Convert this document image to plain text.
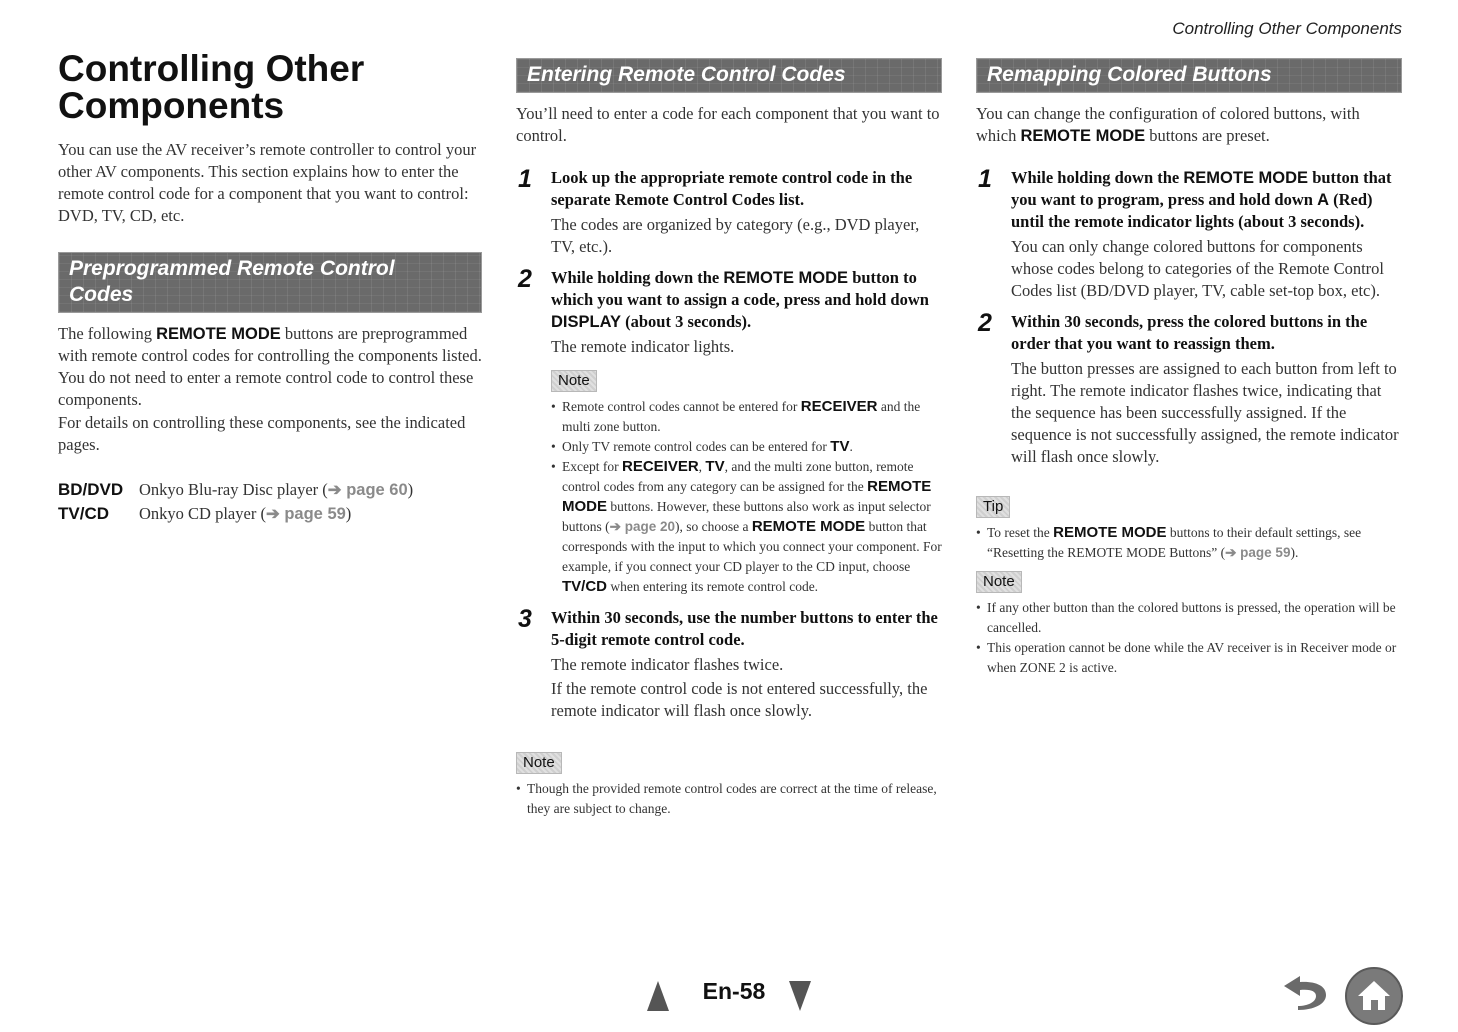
Controlling Other Components
Controlling Other
Components

You can use the AV receiver’s remote controller to control your other AV components. This section explains how to enter the remote control code for a component that you want to control: DVD, TV, CD, etc.

Preprogrammed Remote Control
Codes

The following REMOTE MODE buttons are preprogrammed with remote control codes for controlling the components listed. You do not need to enter a remote control code to control these components.

For details on controlling these components, see the indicated pages.

BD/DVD Onkyo Blu-ray Disc player (➔ page 60)
TV/CD	Onkyo CD player (➔ page 59)
Entering Remote Control Codes

You’ll need to enter a code for each component that you want to control.

1 Look up the appropriate remote control code in the separate Remote Control Codes list.

The codes are organized by category (e.g., DVD player, TV, etc.).

2 While holding down the REMOTE MODE button to which you want to assign a code, press and hold down DISPLAY (about 3 seconds).

The remote indicator lights.

Note
• Remote control codes cannot be entered for RECEIVER and the multi zone button.
• Only TV remote control codes can be entered for TV.
• Except for RECEIVER, TV, and the multi zone button, remote control codes from any category can be assigned for the REMOTE MODE buttons. However, these buttons also work as input selector buttons (➔ page 20), so choose a REMOTE MODE button that corresponds with the input to which you connect your component. For example, if you connect your CD player to the CD input, choose TV/CD when entering its remote control code.
3 Within 30 seconds, use the number buttons to enter the 5-digit remote control code.

The remote indicator flashes twice.

If the remote control code is not entered successfully, the remote indicator will flash once slowly.

Note
• Though the provided remote control codes are correct at the time of release, they are subject to change.
Remapping Colored Buttons

You can change the configuration of colored buttons, with which REMOTE MODE buttons are preset.

1 While holding down the REMOTE MODE button that you want to program, press and hold down A (Red) until the remote indicator lights (about 3 seconds).

You can only change colored buttons for components whose codes belong to categories of the Remote Control Codes list (BD/DVD player, TV, cable set-top box, etc).

2 Within 30 seconds, press the colored buttons in the order that you want to reassign them.

The button presses are assigned to each button from left to right. The remote indicator flashes twice, indicating that the sequence has been successfully assigned. If the sequence is not successfully assigned, the remote indicator will flash once slowly.

Tip
• To reset the REMOTE MODE buttons to their default settings, see “Resetting the REMOTE MODE Buttons” (➔ page 59).
Note
• If any other button than the colored buttons is pressed, the operation will be cancelled.
• This operation cannot be done while the AV receiver is in Receiver mode or when ZONE 2 is active.
En-58
